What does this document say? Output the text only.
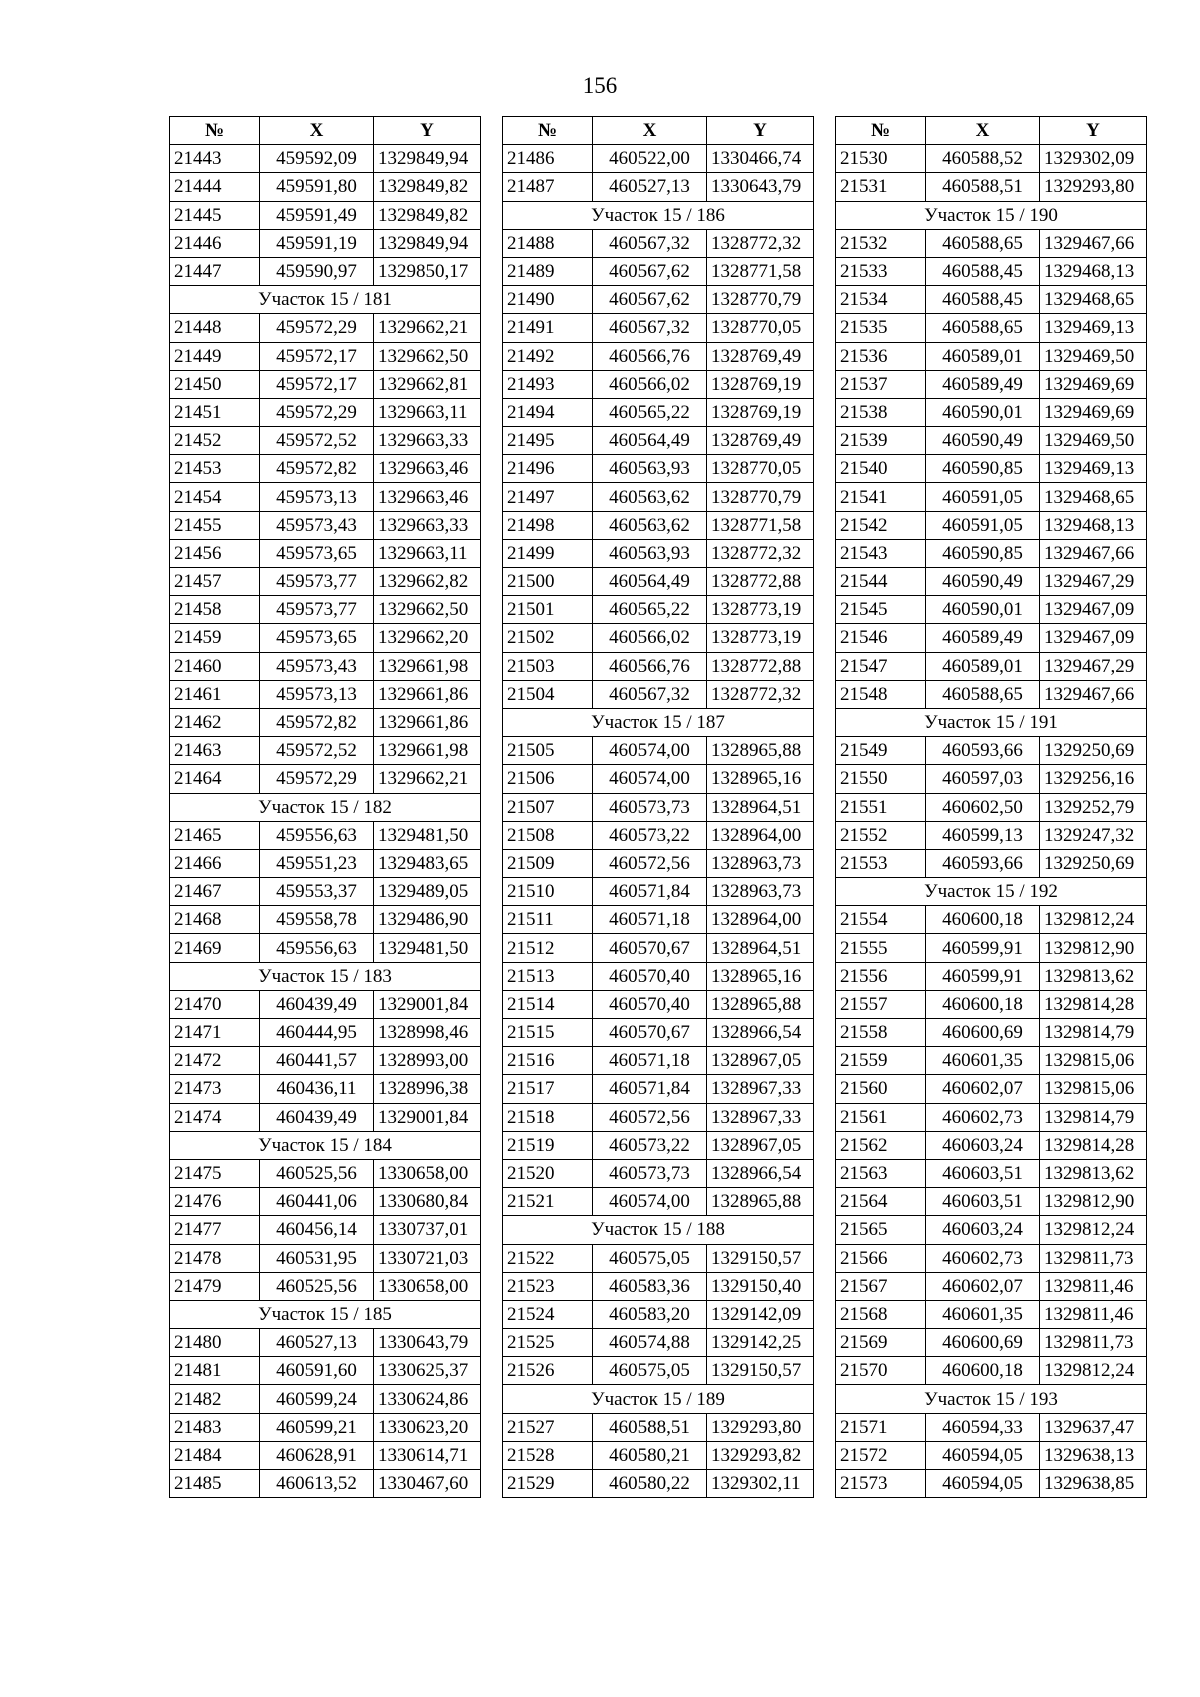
156
№	X	Y
21443	459592,09	1329849,94
21444	459591,80	1329849,82
21445	459591,49	1329849,82
21446	459591,19	1329849,94
21447	459590,97	1329850,17
Участок 15 / 181		
21448	459572,29	1329662,21
21449	459572,17	1329662,50
21450	459572,17	1329662,81
21451	459572,29	1329663,11
21452	459572,52	1329663,33
21453	459572,82	1329663,46
21454	459573,13	1329663,46
21455	459573,43	1329663,33
21456	459573,65	1329663,11
21457	459573,77	1329662,82
21458	459573,77	1329662,50
21459	459573,65	1329662,20
21460	459573,43	1329661,98
21461	459573,13	1329661,86
21462	459572,82	1329661,86
21463	459572,52	1329661,98
21464	459572,29	1329662,21
Участок 15 / 182		
21465	459556,63	1329481,50
21466	459551,23	1329483,65
21467	459553,37	1329489,05
21468	459558,78	1329486,90
21469	459556,63	1329481,50
Участок 15 / 183		
21470	460439,49	1329001,84
21471	460444,95	1328998,46
21472	460441,57	1328993,00
21473	460436,11	1328996,38
21474	460439,49	1329001,84
Участок 15 / 184		
21475	460525,56	1330658,00
21476	460441,06	1330680,84
21477	460456,14	1330737,01
21478	460531,95	1330721,03
21479	460525,56	1330658,00
Участок 15 / 185		
21480	460527,13	1330643,79
21481	460591,60	1330625,37
21482	460599,24	1330624,86
21483	460599,21	1330623,20
21484	460628,91	1330614,71
21485	460613,52	1330467,60
№	X	Y
21486	460522,00	1330466,74
21487	460527,13	1330643,79
Участок 15 / 186		
21488	460567,32	1328772,32
21489	460567,62	1328771,58
21490	460567,62	1328770,79
21491	460567,32	1328770,05
21492	460566,76	1328769,49
21493	460566,02	1328769,19
21494	460565,22	1328769,19
21495	460564,49	1328769,49
21496	460563,93	1328770,05
21497	460563,62	1328770,79
21498	460563,62	1328771,58
21499	460563,93	1328772,32
21500	460564,49	1328772,88
21501	460565,22	1328773,19
21502	460566,02	1328773,19
21503	460566,76	1328772,88
21504	460567,32	1328772,32
Участок 15 / 187		
21505	460574,00	1328965,88
21506	460574,00	1328965,16
21507	460573,73	1328964,51
21508	460573,22	1328964,00
21509	460572,56	1328963,73
21510	460571,84	1328963,73
21511	460571,18	1328964,00
21512	460570,67	1328964,51
21513	460570,40	1328965,16
21514	460570,40	1328965,88
21515	460570,67	1328966,54
21516	460571,18	1328967,05
21517	460571,84	1328967,33
21518	460572,56	1328967,33
21519	460573,22	1328967,05
21520	460573,73	1328966,54
21521	460574,00	1328965,88
Участок 15 / 188		
21522	460575,05	1329150,57
21523	460583,36	1329150,40
21524	460583,20	1329142,09
21525	460574,88	1329142,25
21526	460575,05	1329150,57
Участок 15 / 189		
21527	460588,51	1329293,80
21528	460580,21	1329293,82
21529	460580,22	1329302,11
№	X	Y
21530	460588,52	1329302,09
21531	460588,51	1329293,80
Участок 15 / 190		
21532	460588,65	1329467,66
21533	460588,45	1329468,13
21534	460588,45	1329468,65
21535	460588,65	1329469,13
21536	460589,01	1329469,50
21537	460589,49	1329469,69
21538	460590,01	1329469,69
21539	460590,49	1329469,50
21540	460590,85	1329469,13
21541	460591,05	1329468,65
21542	460591,05	1329468,13
21543	460590,85	1329467,66
21544	460590,49	1329467,29
21545	460590,01	1329467,09
21546	460589,49	1329467,09
21547	460589,01	1329467,29
21548	460588,65	1329467,66
Участок 15 / 191		
21549	460593,66	1329250,69
21550	460597,03	1329256,16
21551	460602,50	1329252,79
21552	460599,13	1329247,32
21553	460593,66	1329250,69
Участок 15 / 192		
21554	460600,18	1329812,24
21555	460599,91	1329812,90
21556	460599,91	1329813,62
21557	460600,18	1329814,28
21558	460600,69	1329814,79
21559	460601,35	1329815,06
21560	460602,07	1329815,06
21561	460602,73	1329814,79
21562	460603,24	1329814,28
21563	460603,51	1329813,62
21564	460603,51	1329812,90
21565	460603,24	1329812,24
21566	460602,73	1329811,73
21567	460602,07	1329811,46
21568	460601,35	1329811,46
21569	460600,69	1329811,73
21570	460600,18	1329812,24
Участок 15 / 193		
21571	460594,33	1329637,47
21572	460594,05	1329638,13
21573	460594,05	1329638,85
